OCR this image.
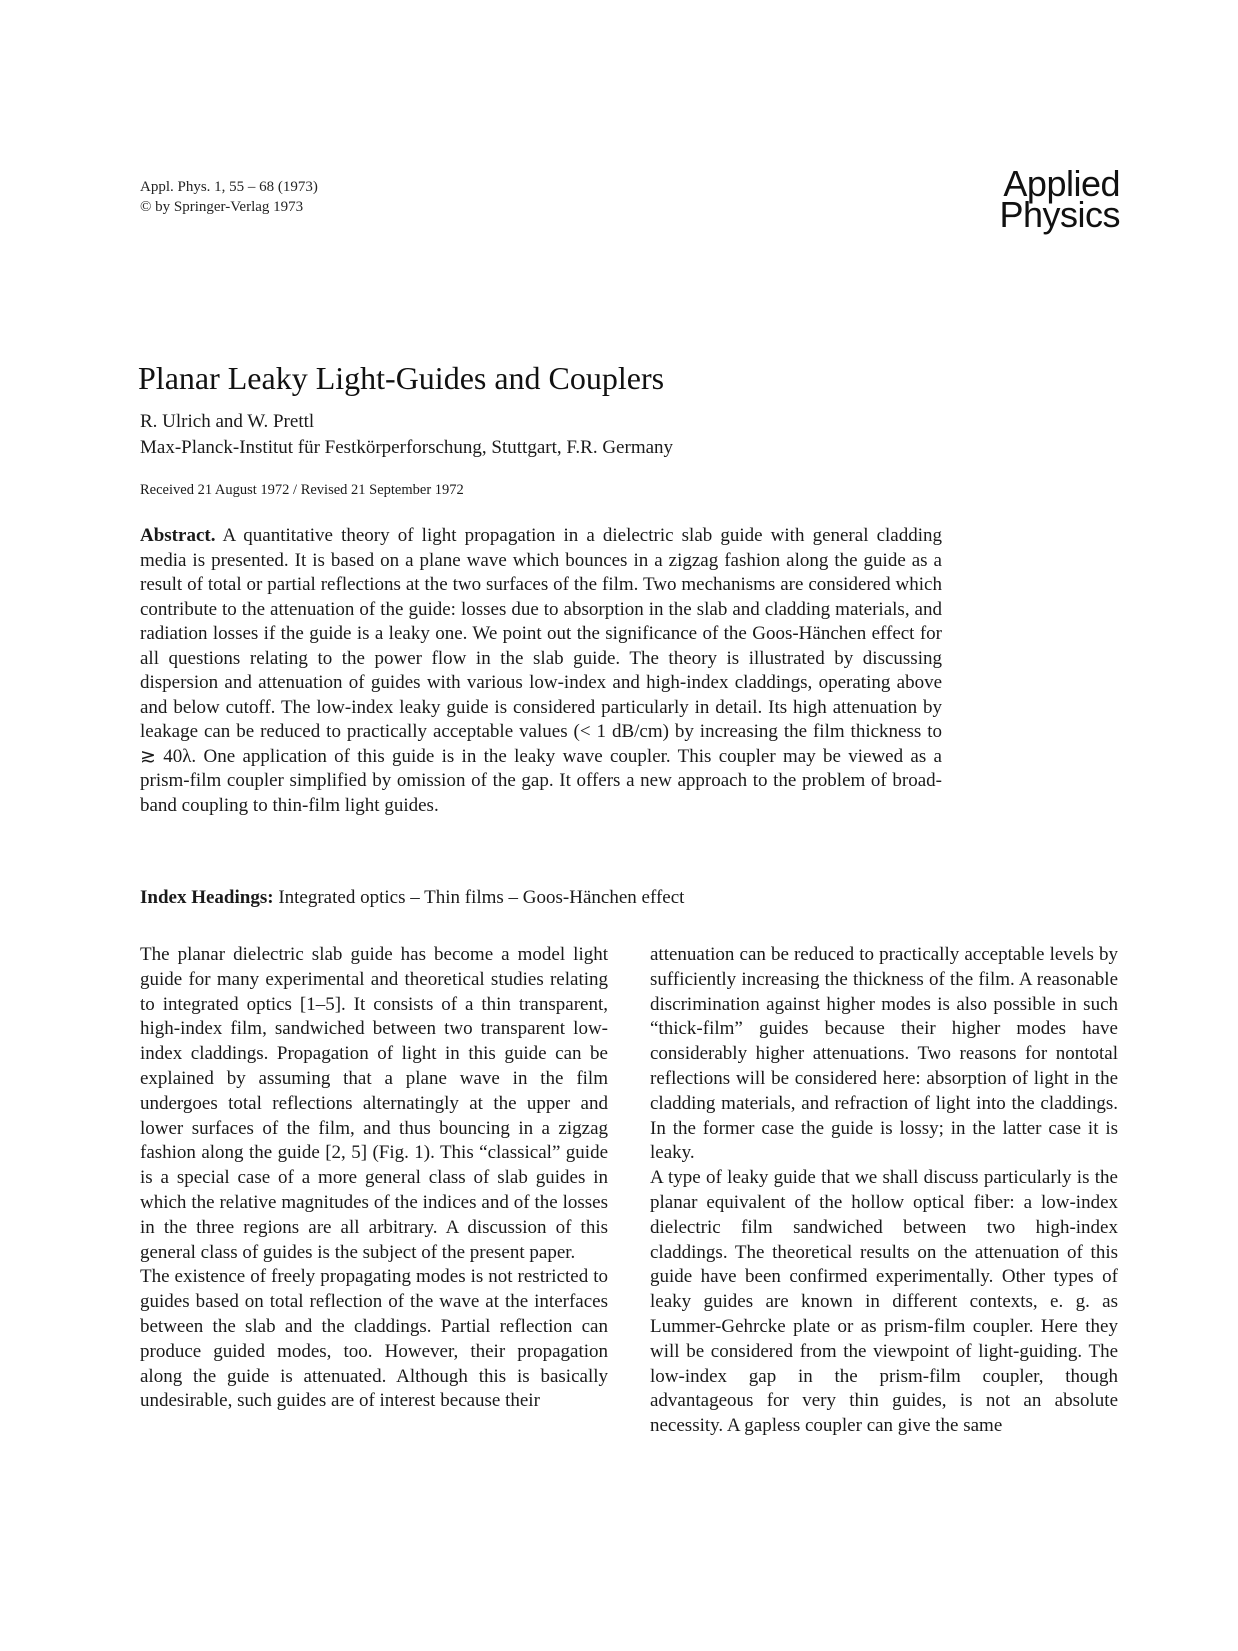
Appl. Phys. 1, 55 – 68 (1973)
© by Springer-Verlag 1973
Applied
Physics
Planar Leaky Light-Guides and Couplers
R. Ulrich and W. Prettl
Max-Planck-Institut für Festkörperforschung, Stuttgart, F.R. Germany
Received 21 August 1972 / Revised 21 September 1972

Abstract. A quantitative theory of light propagation in a dielectric slab guide with general cladding media is presented. It is based on a plane wave which bounces in a zigzag fashion along the guide as a result of total or partial reflections at the two surfaces of the film. Two mechanisms are considered which contribute to the attenuation of the guide: losses due to absorption in the slab and cladding materials, and radiation losses if the guide is a leaky one. We point out the significance of the Goos-Hänchen effect for all questions relating to the power flow in the slab guide. The theory is illustrated by discussing dispersion and attenuation of guides with various low-index and high-index claddings, operating above and below cutoff. The low-index leaky guide is considered particularly in detail. Its high attenuation by leakage can be reduced to practically acceptable values (< 1 dB/cm) by increasing the film thickness to ≳ 40λ. One application of this guide is in the leaky wave coupler. This coupler may be viewed as a prism-film coupler simplified by omission of the gap. It offers a new approach to the problem of broad-band coupling to thin-film light guides.

Index Headings: Integrated optics – Thin films – Goos-Hänchen effect

The planar dielectric slab guide has become a model light guide for many experimental and theoretical studies relating to integrated optics [1–5]. It consists of a thin transparent, high-index film, sandwiched between two transparent low-index claddings. Propagation of light in this guide can be explained by assuming that a plane wave in the film undergoes total reflections alternatingly at the upper and lower surfaces of the film, and thus bouncing in a zigzag fashion along the guide [2, 5] (Fig. 1). This “classical” guide is a special case of a more general class of slab guides in which the relative magnitudes of the indices and of the losses in the three regions are all arbitrary. A discussion of this general class of guides is the subject of the present paper.

The existence of freely propagating modes is not restricted to guides based on total reflection of the wave at the interfaces between the slab and the claddings. Partial reflection can produce guided modes, too. However, their propagation along the guide is attenuated. Although this is basically undesirable, such guides are of interest because their

attenuation can be reduced to practically acceptable levels by sufficiently increasing the thickness of the film. A reasonable discrimination against higher modes is also possible in such “thick-film” guides because their higher modes have considerably higher attenuations. Two reasons for nontotal reflections will be considered here: absorption of light in the cladding materials, and refraction of light into the claddings. In the former case the guide is lossy; in the latter case it is leaky.

A type of leaky guide that we shall discuss particularly is the planar equivalent of the hollow optical fiber: a low-index dielectric film sandwiched between two high-index claddings. The theoretical results on the attenuation of this guide have been confirmed experimentally. Other types of leaky guides are known in different contexts, e. g. as Lummer-Gehrcke plate or as prism-film coupler. Here they will be considered from the viewpoint of light-guiding. The low-index gap in the prism-film coupler, though advantageous for very thin guides, is not an absolute necessity. A gapless coupler can give the same
